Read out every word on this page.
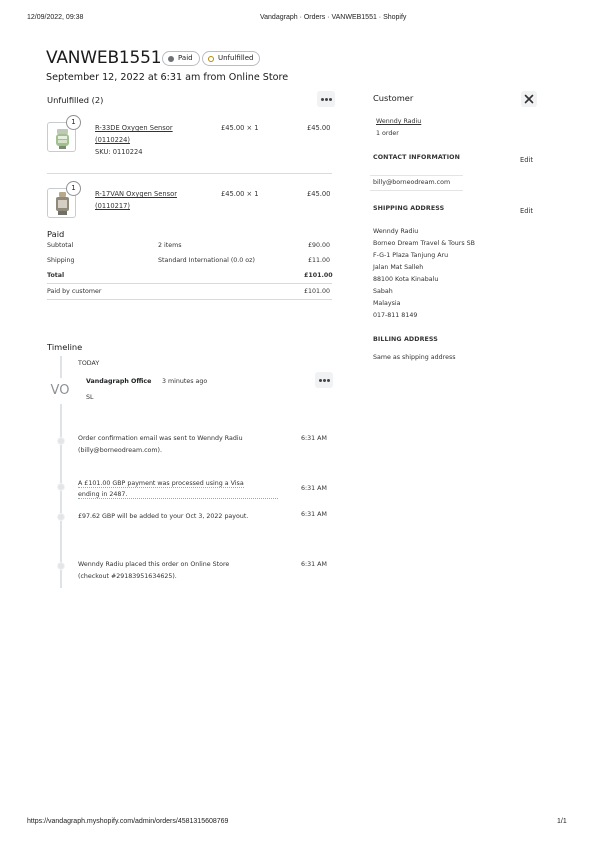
12/09/2022, 09:38	Vandagraph · Orders · VANWEB1551 · Shopify
https://vandagraph.myshopify.com/admin/orders/4581315608769	1/1
VANWEB1551	Paid	Unfulfilled
September 12, 2022 at 6:31 am from Online Store
Unfulfilled (2)
1
R-33DE Oxygen Sensor
(0110224)
SKU: 0110224
£45.00 × 1	£45.00
1
R-17VAN Oxygen Sensor
(0110217)
£45.00 × 1	£45.00
Paid
Subtotal	2 items	£90.00
Shipping	Standard International (0.0 oz)	£11.00
Total	£101.00
Paid by customer	£101.00
Timeline
TODAY
VO
Vandagraph Office 3 minutes ago
SL
Order confirmation email was sent to Wenndy Radiu
(billy@borneodream.com).
6:31 AM
A £101.00 GBP payment was processed using a Visa
ending in 2487.
6:31 AM
£97.62 GBP will be added to your Oct 3, 2022 payout.	6:31 AM
Wenndy Radiu placed this order on Online Store
(checkout #29183951634625).
6:31 AM
Customer
Wenndy Radiu
1 order
CONTACT INFORMATION	Edit
billy@borneodream.com
SHIPPING ADDRESS	Edit
Wenndy Radiu
Borneo Dream Travel & Tours SB
F-G-1 Plaza Tanjung Aru
Jalan Mat Salleh
88100 Kota Kinabalu
Sabah
Malaysia
017-811 8149
BILLING ADDRESS
Same as shipping address
